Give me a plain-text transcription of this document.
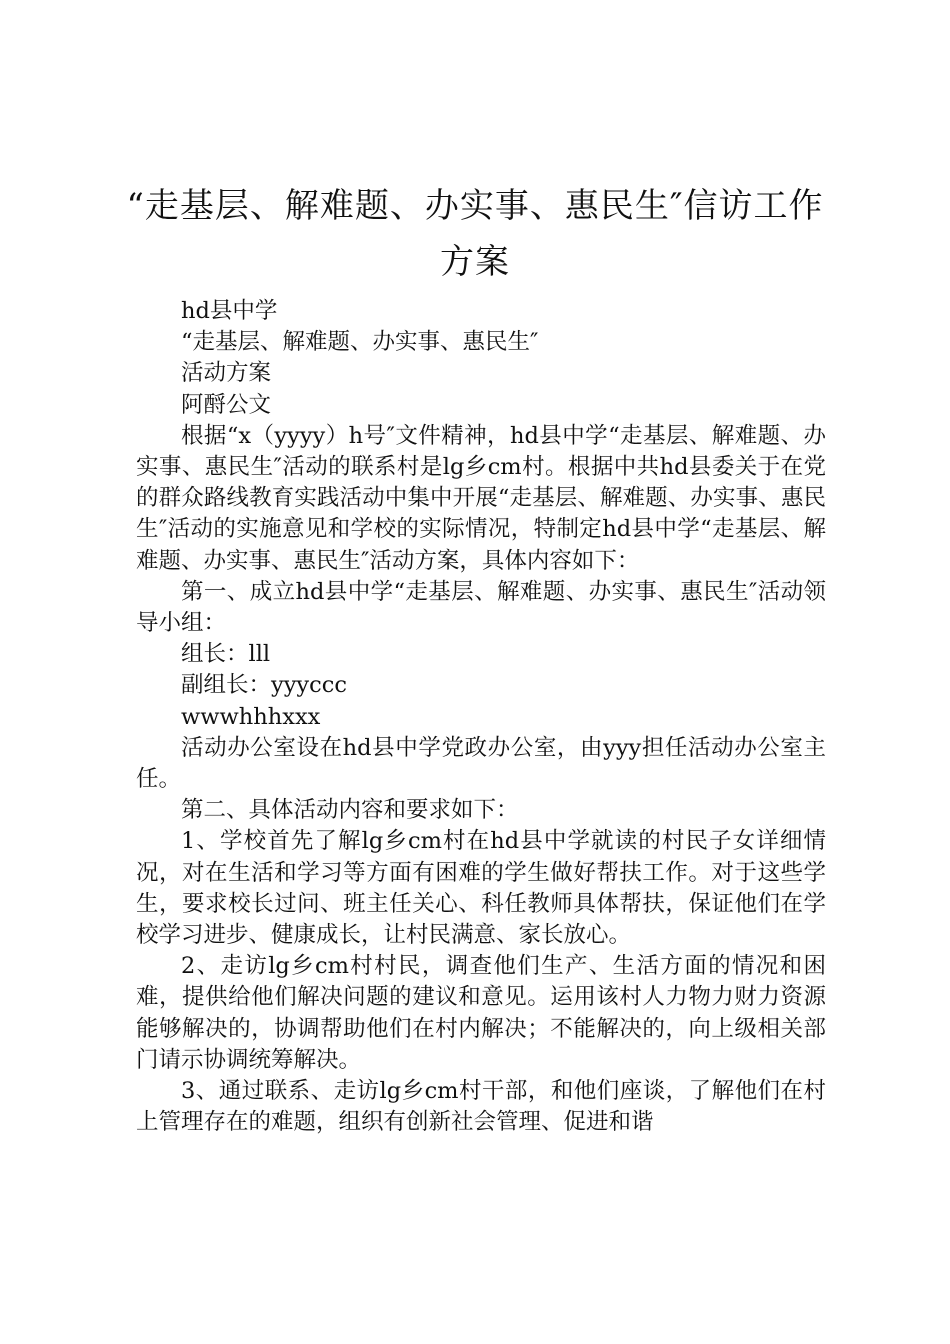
“走基层、解难题、办实事、惠民生″信访工作方案

hd县中学

“走基层、解难题、办实事、惠民生″

活动方案

阿酹公文

根据“x（yyyy）h号″文件精神，hd县中学“走基层、解难题、办实事、惠民生″活动的联系村是lg乡cm村。根据中共hd县委关于在党的群众路线教育实践活动中集中开展“走基层、解难题、办实事、惠民生″活动的实施意见和学校的实际情况，特制定hd县中学“走基层、解难题、办实事、惠民生″活动方案，具体内容如下：

第一、成立hd县中学“走基层、解难题、办实事、惠民生″活动领导小组：

组长：lll

副组长：yyyccc

wwwhhhxxx

活动办公室设在hd县中学党政办公室，由yyy担任活动办公室主任。

第二、具体活动内容和要求如下：

1、学校首先了解lg乡cm村在hd县中学就读的村民子女详细情况，对在生活和学习等方面有困难的学生做好帮扶工作。对于这些学生，要求校长过问、班主任关心、科任教师具体帮扶，保证他们在学校学习进步、健康成长，让村民满意、家长放心。

2、走访lg乡cm村村民，调查他们生产、生活方面的情况和困难，提供给他们解决问题的建议和意见。运用该村人力物力财力资源能够解决的，协调帮助他们在村内解决；不能解决的，向上级相关部门请示协调统筹解决。

3、通过联系、走访lg乡cm村干部，和他们座谈，了解他们在村上管理存在的难题，组织有创新社会管理、促进和谐
